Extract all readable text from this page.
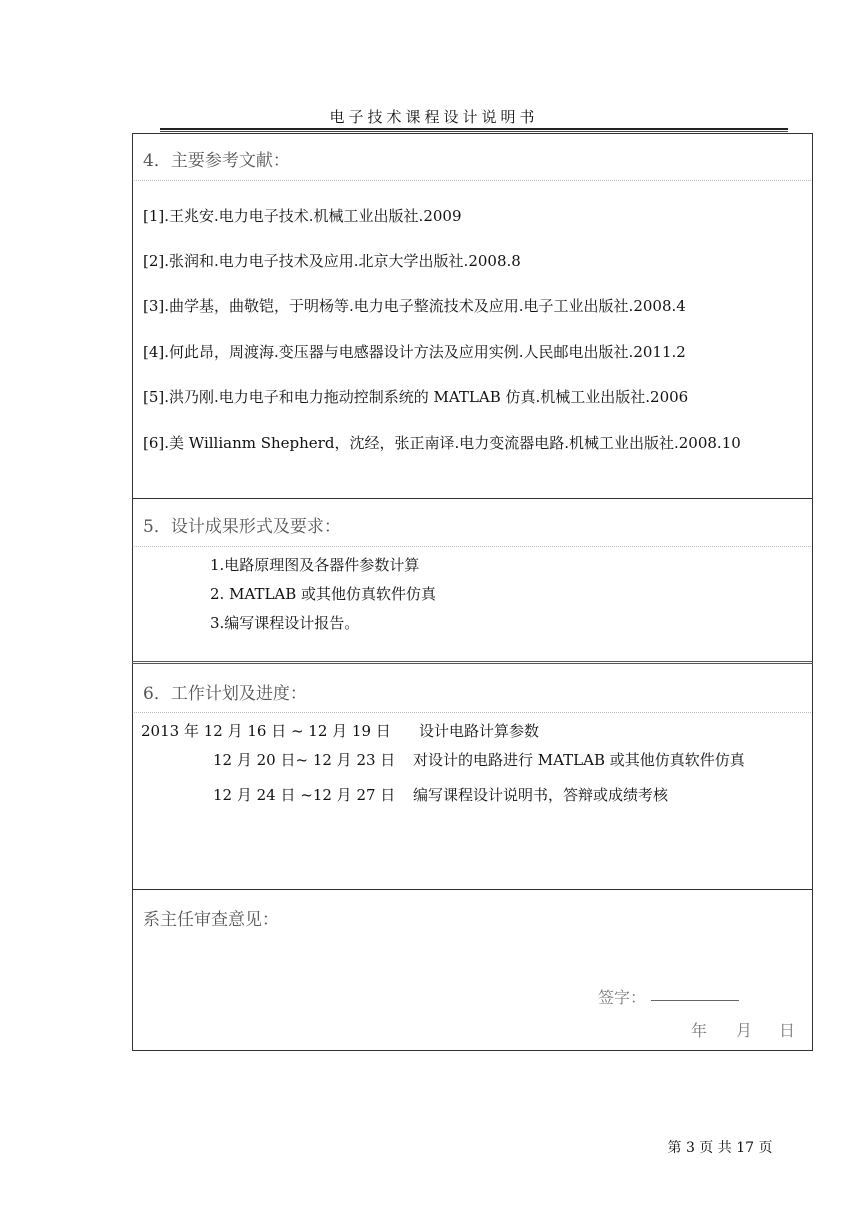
电子技术课程设计说明书
4．主要参考文献：
[1].王兆安.电力电子技术.机械工业出版社.2009
[2].张润和.电力电子技术及应用.北京大学出版社.2008.8
[3].曲学基，曲敬铠，于明杨等.电力电子整流技术及应用.电子工业出版社.2008.4
[4].何此昂，周渡海.变压器与电感器设计方法及应用实例.人民邮电出版社.2011.2
[5].洪乃刚.电力电子和电力拖动控制系统的 MATLAB 仿真.机械工业出版社.2006
[6].美 Willianm Shepherd，沈经，张正南译.电力变流器电路.机械工业出版社.2008.10
5．设计成果形式及要求：
1.电路原理图及各器件参数计算
2. MATLAB 或其他仿真软件仿真
3.编写课程设计报告。
6．工作计划及进度：
2013 年 12 月 16 日 ~ 12 月 19 日 设计电路计算参数
12 月 20 日~ 12 月 23 日 对设计的电路进行 MATLAB 或其他仿真软件仿真
12 月 24 日 ~12 月 27 日 编写课程设计说明书，答辩或成绩考核
系主任审查意见：
签字：
年 月 日
第 3 页 共 17 页
